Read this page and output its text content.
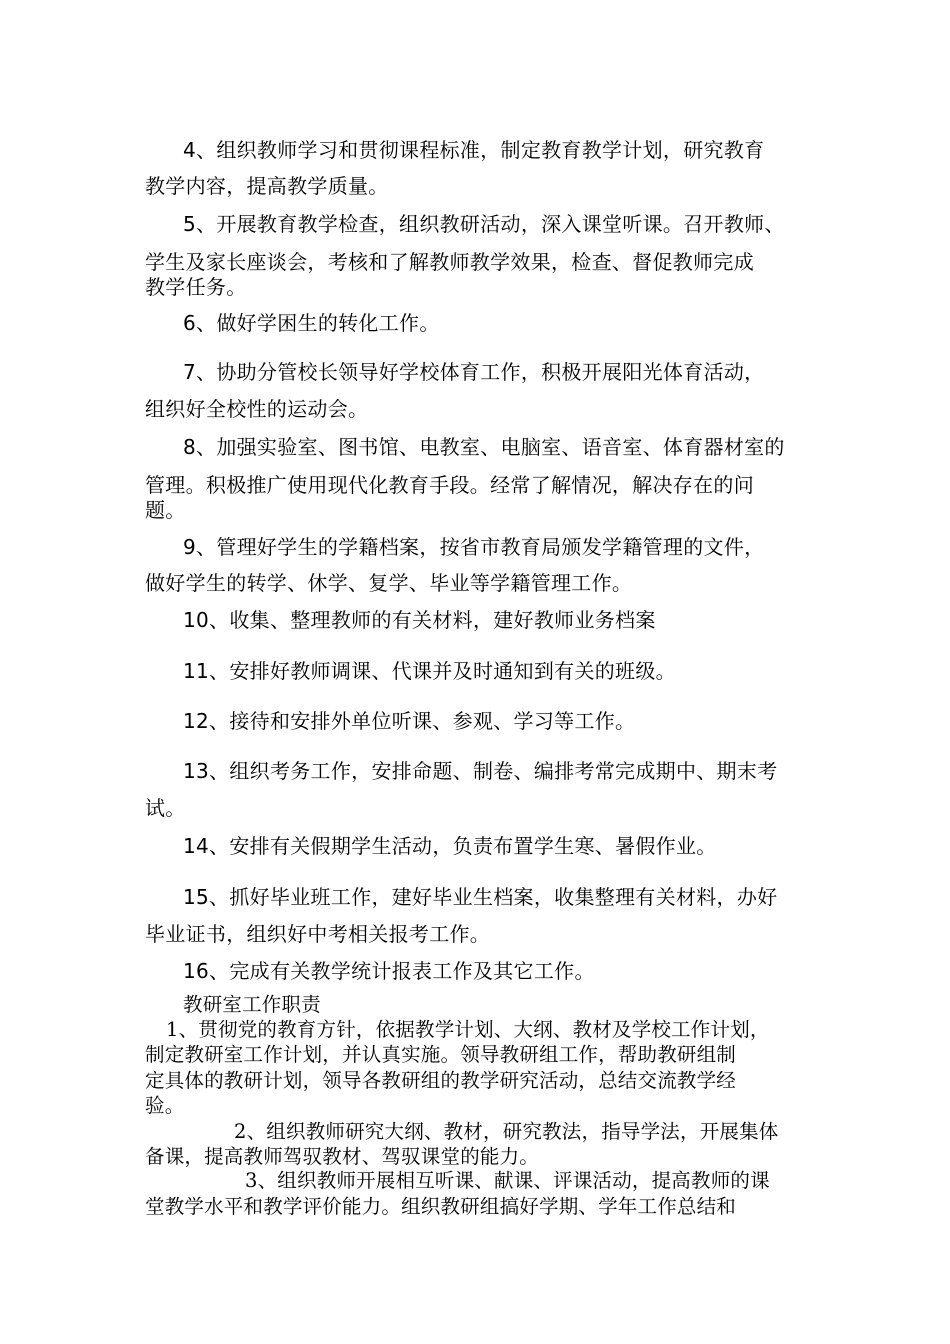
4、组织教师学习和贯彻课程标准，制定教育教学计划，研究教育
教学内容，提高教学质量。
5、开展教育教学检查，组织教研活动，深入课堂听课。召开教师、
学生及家长座谈会，考核和了解教师教学效果，检查、督促教师完成
教学任务。
6、做好学困生的转化工作。
7、协助分管校长领导好学校体育工作，积极开展阳光体育活动，
组织好全校性的运动会。
8、加强实验室、图书馆、电教室、电脑室、语音室、体育器材室的
管理。积极推广使用现代化教育手段。经常了解情况，解决存在的问
题。
9、管理好学生的学籍档案，按省市教育局颁发学籍管理的文件，
做好学生的转学、休学、复学、毕业等学籍管理工作。
10、收集、整理教师的有关材料，建好教师业务档案
11、安排好教师调课、代课并及时通知到有关的班级。
12、接待和安排外单位听课、参观、学习等工作。
13、组织考务工作，安排命题、制卷、编排考常完成期中、期末考
试。
14、安排有关假期学生活动，负责布置学生寒、暑假作业。
15、抓好毕业班工作，建好毕业生档案，收集整理有关材料，办好
毕业证书，组织好中考相关报考工作。
16、完成有关教学统计报表工作及其它工作。
教研室工作职责
1、贯彻党的教育方针，依据教学计划、大纲、教材及学校工作计划，
制定教研室工作计划，并认真实施。领导教研组工作，帮助教研组制
定具体的教研计划，领导各教研组的教学研究活动，总结交流教学经
验。
2、组织教师研究大纲、教材，研究教法，指导学法，开展集体
备课，提高教师驾驭教材、驾驭课堂的能力。
3、组织教师开展相互听课、献课、评课活动，提高教师的课
堂教学水平和教学评价能力。组织教研组搞好学期、学年工作总结和
